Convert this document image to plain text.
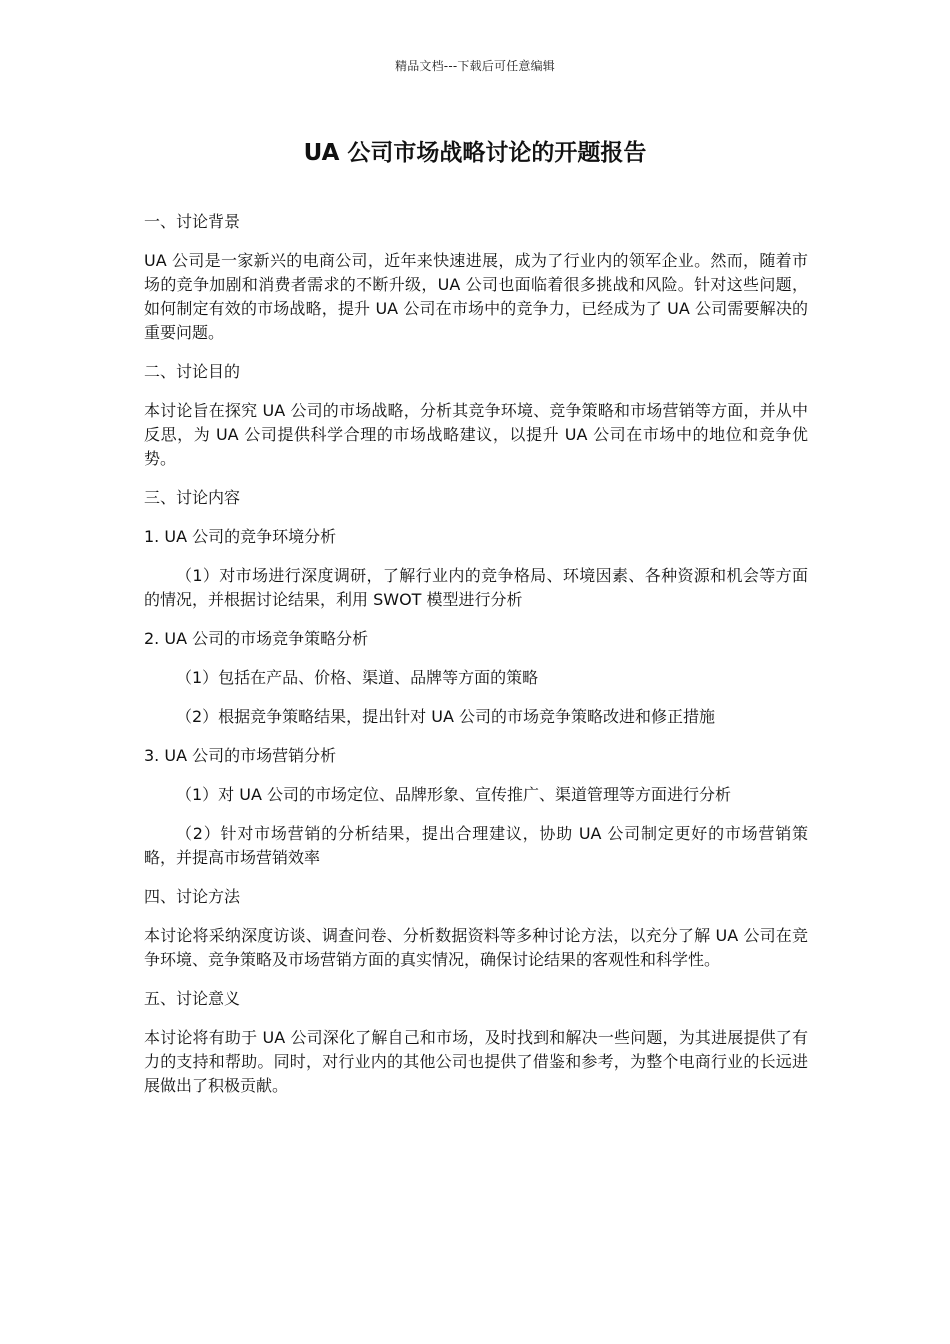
精品文档---下载后可任意编辑
UA 公司市场战略讨论的开题报告

一、讨论背景

UA 公司是一家新兴的电商公司，近年来快速进展，成为了行业内的领军企业。然而，随着市场的竞争加剧和消费者需求的不断升级，UA 公司也面临着很多挑战和风险。针对这些问题，如何制定有效的市场战略，提升 UA 公司在市场中的竞争力，已经成为了 UA 公司需要解决的重要问题。

二、讨论目的

本讨论旨在探究 UA 公司的市场战略，分析其竞争环境、竞争策略和市场营销等方面，并从中反思，为 UA 公司提供科学合理的市场战略建议，以提升 UA 公司在市场中的地位和竞争优势。

三、讨论内容

1. UA 公司的竞争环境分析

（1）对市场进行深度调研，了解行业内的竞争格局、环境因素、各种资源和机会等方面的情况，并根据讨论结果，利用 SWOT 模型进行分析

2. UA 公司的市场竞争策略分析

（1）包括在产品、价格、渠道、品牌等方面的策略

（2）根据竞争策略结果，提出针对 UA 公司的市场竞争策略改进和修正措施

3. UA 公司的市场营销分析

（1）对 UA 公司的市场定位、品牌形象、宣传推广、渠道管理等方面进行分析

（2）针对市场营销的分析结果，提出合理建议，协助 UA 公司制定更好的市场营销策略，并提高市场营销效率

四、讨论方法

本讨论将采纳深度访谈、调查问卷、分析数据资料等多种讨论方法，以充分了解 UA 公司在竞争环境、竞争策略及市场营销方面的真实情况，确保讨论结果的客观性和科学性。

五、讨论意义

本讨论将有助于 UA 公司深化了解自己和市场，及时找到和解决一些问题，为其进展提供了有力的支持和帮助。同时，对行业内的其他公司也提供了借鉴和参考，为整个电商行业的长远进展做出了积极贡献。
